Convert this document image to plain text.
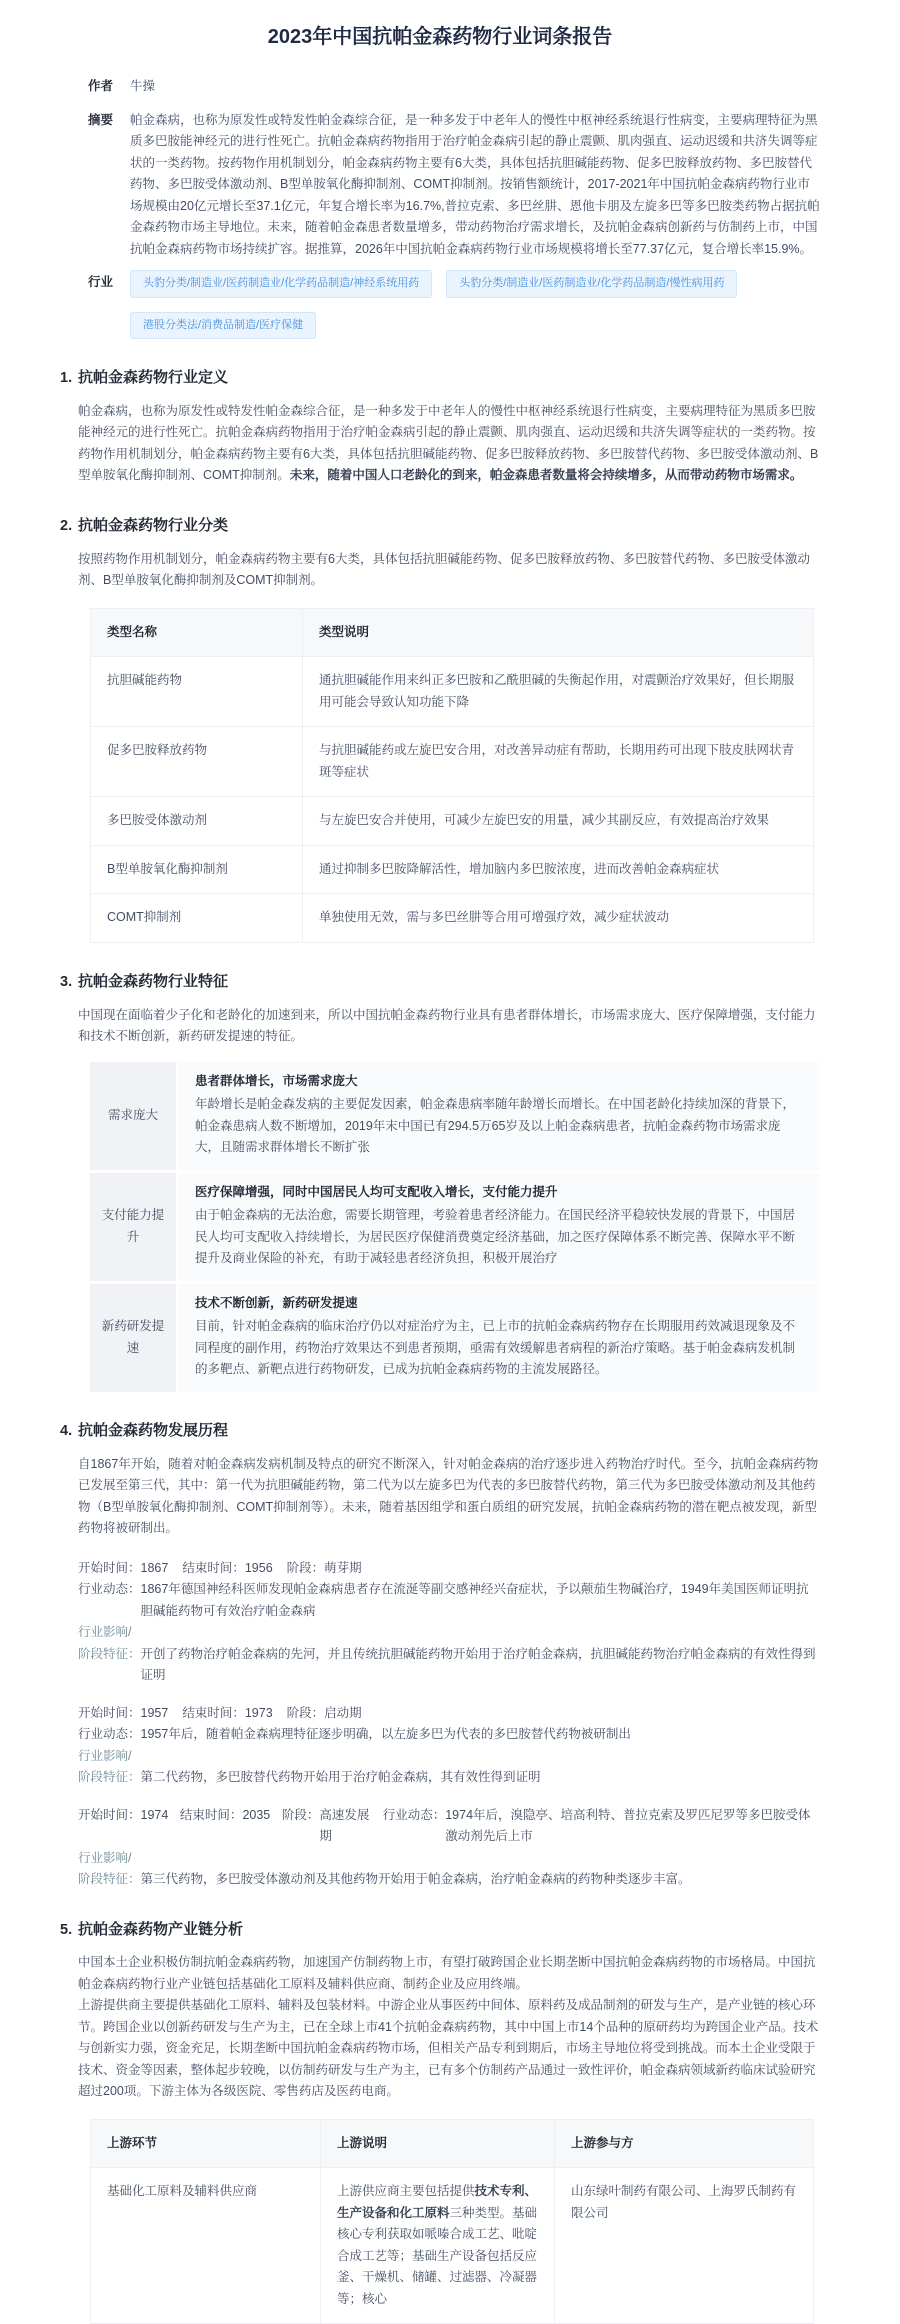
2023年中国抗帕金森药物行业词条报告
作者	牛操
摘要	帕金森病，也称为原发性或特发性帕金森综合征，是一种多发于中老年人的慢性中枢神经系统退行性病变，主要病理特征为黑质多巴胺能神经元的进行性死亡。抗帕金森病药物指用于治疗帕金森病引起的静止震颤、肌肉强直、运动迟缓和共济失调等症状的一类药物。按药物作用机制划分，帕金森病药物主要有6大类，具体包括抗胆碱能药物、促多巴胺释放药物、多巴胺替代药物、多巴胺受体激动剂、B型单胺氧化酶抑制剂、COMT抑制剂。按销售额统计，2017-2021年中国抗帕金森病药物行业市场规模由20亿元增长至37.1亿元，年复合增长率为16.7%,普拉克索、多巴丝肼、恩他卡朋及左旋多巴等多巴胺类药物占据抗帕金森药物市场主导地位。未来，随着帕金森患者数量增多，带动药物治疗需求增长，及抗帕金森病创新药与仿制药上市，中国抗帕金森病药物市场持续扩容。据推算，2026年中国抗帕金森病药物行业市场规模将增长至77.37亿元，复合增长率15.9%。
行业	头豹分类/制造业/医药制造业/化学药品制造/神经系统用药	头豹分类/制造业/医药制造业/化学药品制造/慢性病用药
港股分类法/消费品制造/医疗保健
1. 抗帕金森药物行业定义
帕金森病，也称为原发性或特发性帕金森综合征，是一种多发于中老年人的慢性中枢神经系统退行性病变，主要病理特征为黑质多巴胺能神经元的进行性死亡。抗帕金森病药物指用于治疗帕金森病引起的静止震颤、肌肉强直、运动迟缓和共济失调等症状的一类药物。按药物作用机制划分，帕金森病药物主要有6大类，具体包括抗胆碱能药物、促多巴胺释放药物、多巴胺替代药物、多巴胺受体激动剂、B型单胺氧化酶抑制剂、COMT抑制剂。未来，随着中国人口老龄化的到来，帕金森患者数量将会持续增多，从而带动药物市场需求。
2. 抗帕金森药物行业分类
按照药物作用机制划分，帕金森病药物主要有6大类，具体包括抗胆碱能药物、促多巴胺释放药物、多巴胺替代药物、多巴胺受体激动剂、B型单胺氧化酶抑制剂及COMT抑制剂。
类型名称	类型说明
抗胆碱能药物	通抗胆碱能作用来纠正多巴胺和乙酰胆碱的失衡起作用，对震颤治疗效果好，但长期服用可能会导致认知功能下降
促多巴胺释放药物	与抗胆碱能药或左旋巴安合用，对改善异动症有帮助，长期用药可出现下肢皮肤网状青斑等症状
多巴胺受体激动剂	与左旋巴安合并使用，可减少左旋巴安的用量，减少其副反应，有效提高治疗效果
B型单胺氧化酶抑制剂	通过抑制多巴胺降解活性，增加脑内多巴胺浓度，进而改善帕金森病症状
COMT抑制剂	单独使用无效，需与多巴丝肼等合用可增强疗效，减少症状波动
3. 抗帕金森药物行业特征
中国现在面临着少子化和老龄化的加速到来，所以中国抗帕金森药物行业具有患者群体增长，市场需求庞大、医疗保障增强，支付能力和技术不断创新，新药研发提速的特征。
需求庞大
患者群体增长，市场需求庞大
年龄增长是帕金森发病的主要促发因素，帕金森患病率随年龄增长而增长。在中国老龄化持续加深的背景下，帕金森患病人数不断增加，2019年末中国已有294.5万65岁及以上帕金森病患者，抗帕金森药物市场需求庞大，且随需求群体增长不断扩张
支付能力提升
医疗保障增强，同时中国居民人均可支配收入增长，支付能力提升
由于帕金森病的无法治愈，需要长期管理，考验着患者经济能力。在国民经济平稳较快发展的背景下，中国居民人均可支配收入持续增长，为居民医疗保健消费奠定经济基础，加之医疗保障体系不断完善、保障水平不断提升及商业保险的补充，有助于减轻患者经济负担，积极开展治疗
新药研发提速
技术不断创新，新药研发提速
目前，针对帕金森病的临床治疗仍以对症治疗为主，已上市的抗帕金森病药物存在长期服用药效减退现象及不同程度的副作用，药物治疗效果达不到患者预期，亟需有效缓解患者病程的新治疗策略。基于帕金森病发机制的多靶点、新靶点进行药物研发，已成为抗帕金森病药物的主流发展路径。
4. 抗帕金森药物发展历程
自1867年开始，随着对帕金森病发病机制及特点的研究不断深入，针对帕金森病的治疗逐步进入药物治疗时代。至今，抗帕金森病药物已发展至第三代，其中：第一代为抗胆碱能药物，第二代为以左旋多巴为代表的多巴胺替代药物，第三代为多巴胺受体激动剂及其他药物（B型单胺氧化酶抑制剂、COMT抑制剂等）。未来，随着基因组学和蛋白质组的研究发展，抗帕金森病药物的潜在靶点被发现，新型药物将被研制出。
开始时间： 1867 结束时间： 1956 阶段： 萌芽期
行业动态： 1867年德国神经科医师发现帕金森病患者存在流涎等副交感神经兴奋症状，予以颠茄生物碱治疗，1949年美国医师证明抗胆碱能药物可有效治疗帕金森病
行业影响/
阶段特征： 开创了药物治疗帕金森病的先河，并且传统抗胆碱能药物开始用于治疗帕金森病，抗胆碱能药物治疗帕金森病的有效性得到证明
开始时间： 1957 结束时间： 1973 阶段： 启动期
行业动态： 1957年后，随着帕金森病理特征逐步明确，以左旋多巴为代表的多巴胺替代药物被研制出
行业影响/
阶段特征： 第二代药物，多巴胺替代药物开始用于治疗帕金森病，其有效性得到证明
开始时间： 1974 结束时间： 2035 阶段： 高速发展期
行业动态： 1974年后，溴隐亭、培高利特、普拉克索及罗匹尼罗等多巴胺受体激动剂先后上市
行业影响/
阶段特征： 第三代药物，多巴胺受体激动剂及其他药物开始用于帕金森病，治疗帕金森病的药物种类逐步丰富。
5. 抗帕金森药物产业链分析

中国本土企业积极仿制抗帕金森病药物，加速国产仿制药物上市，有望打破跨国企业长期垄断中国抗帕金森病药物的市场格局。中国抗帕金森病药物行业产业链包括基础化工原料及辅料供应商、制药企业及应用终端。

上游提供商主要提供基础化工原料、辅料及包装材料。中游企业从事医药中间体、原料药及成品制剂的研发与生产，是产业链的核心环节。跨国企业以创新药研发与生产为主，已在全球上市41个抗帕金森病药物，其中中国上市14个品种的原研药均为跨国企业产品。技术与创新实力强，资金充足，长期垄断中国抗帕金森病药物市场，但相关产品专利到期后，市场主导地位将受到挑战。而本土企业受限于技术、资金等因素，整体起步较晚，以仿制药研发与生产为主，已有多个仿制药产品通过一致性评价，帕金森病领域新药临床试验研究超过200项。下游主体为各级医院、零售药店及医药电商。

上游环节	上游说明	上游参与方
基础化工原料及辅料供应商	上游供应商主要包括提供技术专利、生产设备和化工原料三种类型。基础核心专利获取如哌嗪合成工艺、吡啶合成工艺等；基础生产设备包括反应釜、干燥机、储罐、过滤器、冷凝器等；核心	山东绿叶制药有限公司、上海罗氏制药有限公司
